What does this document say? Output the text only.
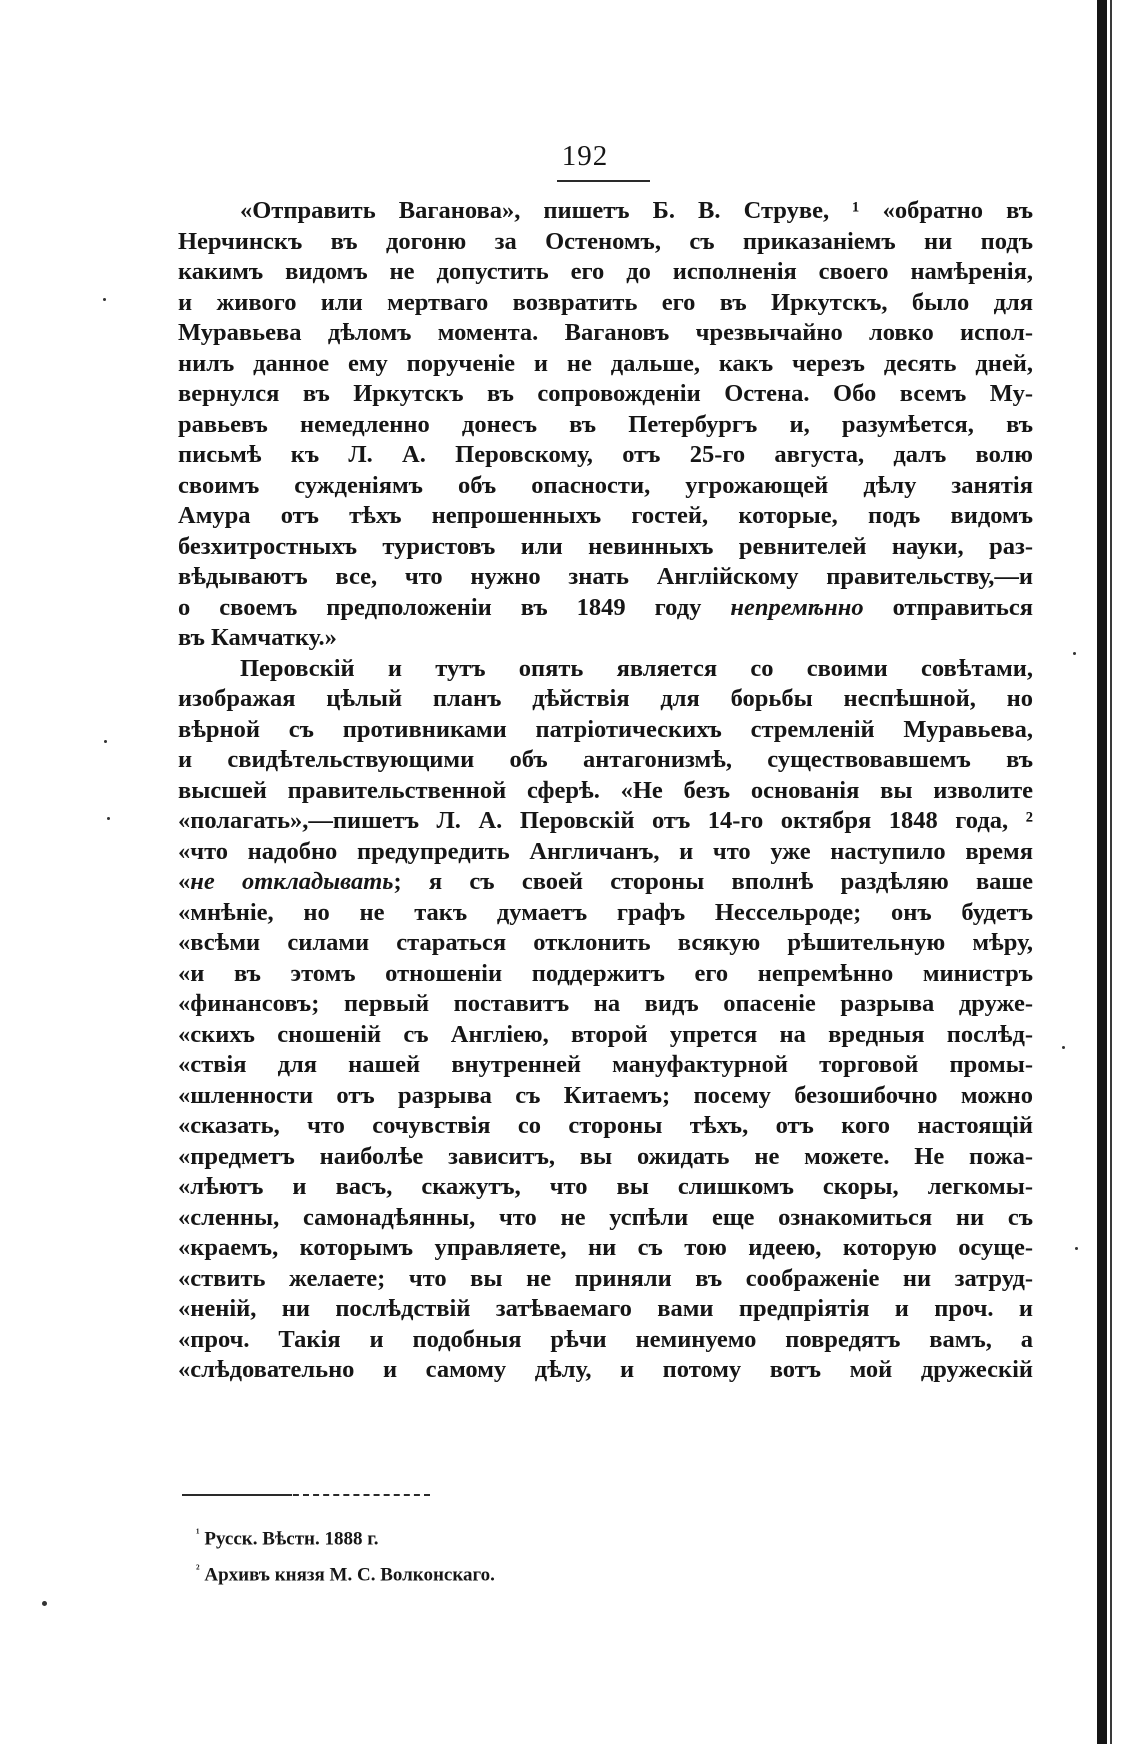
192

«Отправить Ваганова», пишетъ Б. В. Струве, ¹ «обратно въ
Нерчинскъ въ догоню за Остеномъ, съ приказаніемъ ни подъ
какимъ видомъ не допустить его до исполненія своего намѣренія,
и живого или мертваго возвратить его въ Иркутскъ, было для
Муравьева дѣломъ момента. Вагановъ чрезвычайно ловко испол-
нилъ данное ему порученіе и не дальше, какъ черезъ десять дней,
вернулся въ Иркутскъ въ сопровожденіи Остена. Обо всемъ Му-
равьевъ немедленно донесъ въ Петербургъ и, разумѣется, въ
письмѣ къ Л. А. Перовскому, отъ 25-го августа, далъ волю
своимъ сужденіямъ объ опасности, угрожающей дѣлу занятія
Амура отъ тѣхъ непрошенныхъ гостей, которые, подъ видомъ
безхитростныхъ туристовъ или невинныхъ ревнителей науки, раз-
вѣдываютъ все, что нужно знать Англійскому правительству,—и
о своемъ предположеніи въ 1849 году непремѣнно отправиться
въ Камчатку.»

Перовскій и тутъ опять является со своими совѣтами,
изображая цѣлый планъ дѣйствія для борьбы неспѣшной, но
вѣрной съ противниками патріотическихъ стремленій Муравьева,
и свидѣтельствующими объ антагонизмѣ, существовавшемъ въ
высшей правительственной сферѣ. «Не безъ основанія вы изволите
«полагать»,—пишетъ Л. А. Перовскій отъ 14-го октября 1848 года, ²
«что надобно предупредить Англичанъ, и что уже наступило время
«не откладывать; я съ своей стороны вполнѣ раздѣляю ваше
«мнѣніе, но не такъ думаетъ графъ Нессельроде; онъ будетъ
«всѣми силами стараться отклонить всякую рѣшительную мѣру,
«и въ этомъ отношеніи поддержитъ его непремѣнно министръ
«финансовъ; первый поставитъ на видъ опасеніе разрыва друже-
«скихъ сношеній съ Англіею, второй упрется на вредныя послѣд-
«ствія для нашей внутренней мануфактурной торговой промы-
«шленности отъ разрыва съ Китаемъ; посему безошибочно можно
«сказать, что сочувствія со стороны тѣхъ, отъ кого настоящій
«предметъ наиболѣе зависитъ, вы ожидать не можете. Не пожа-
«лѣютъ и васъ, скажутъ, что вы слишкомъ скоры, легкомы-
«сленны, самонадѣянны, что не успѣли еще ознакомиться ни съ
«краемъ, которымъ управляете, ни съ тою идеею, которую осуще-
«ствить желаете; что вы не приняли въ соображеніе ни затруд-
«неній, ни послѣдствій затѣваемаго вами предпріятія и проч. и
«проч. Такія и подобныя рѣчи неминуемо повредятъ вамъ, а
«слѣдовательно и самому дѣлу, и потому вотъ мой дружескій

$^{^1}$ Русск. Вѣстн. 1888 г.
$^{^2}$ Архивъ князя М. С. Волконскаго.
